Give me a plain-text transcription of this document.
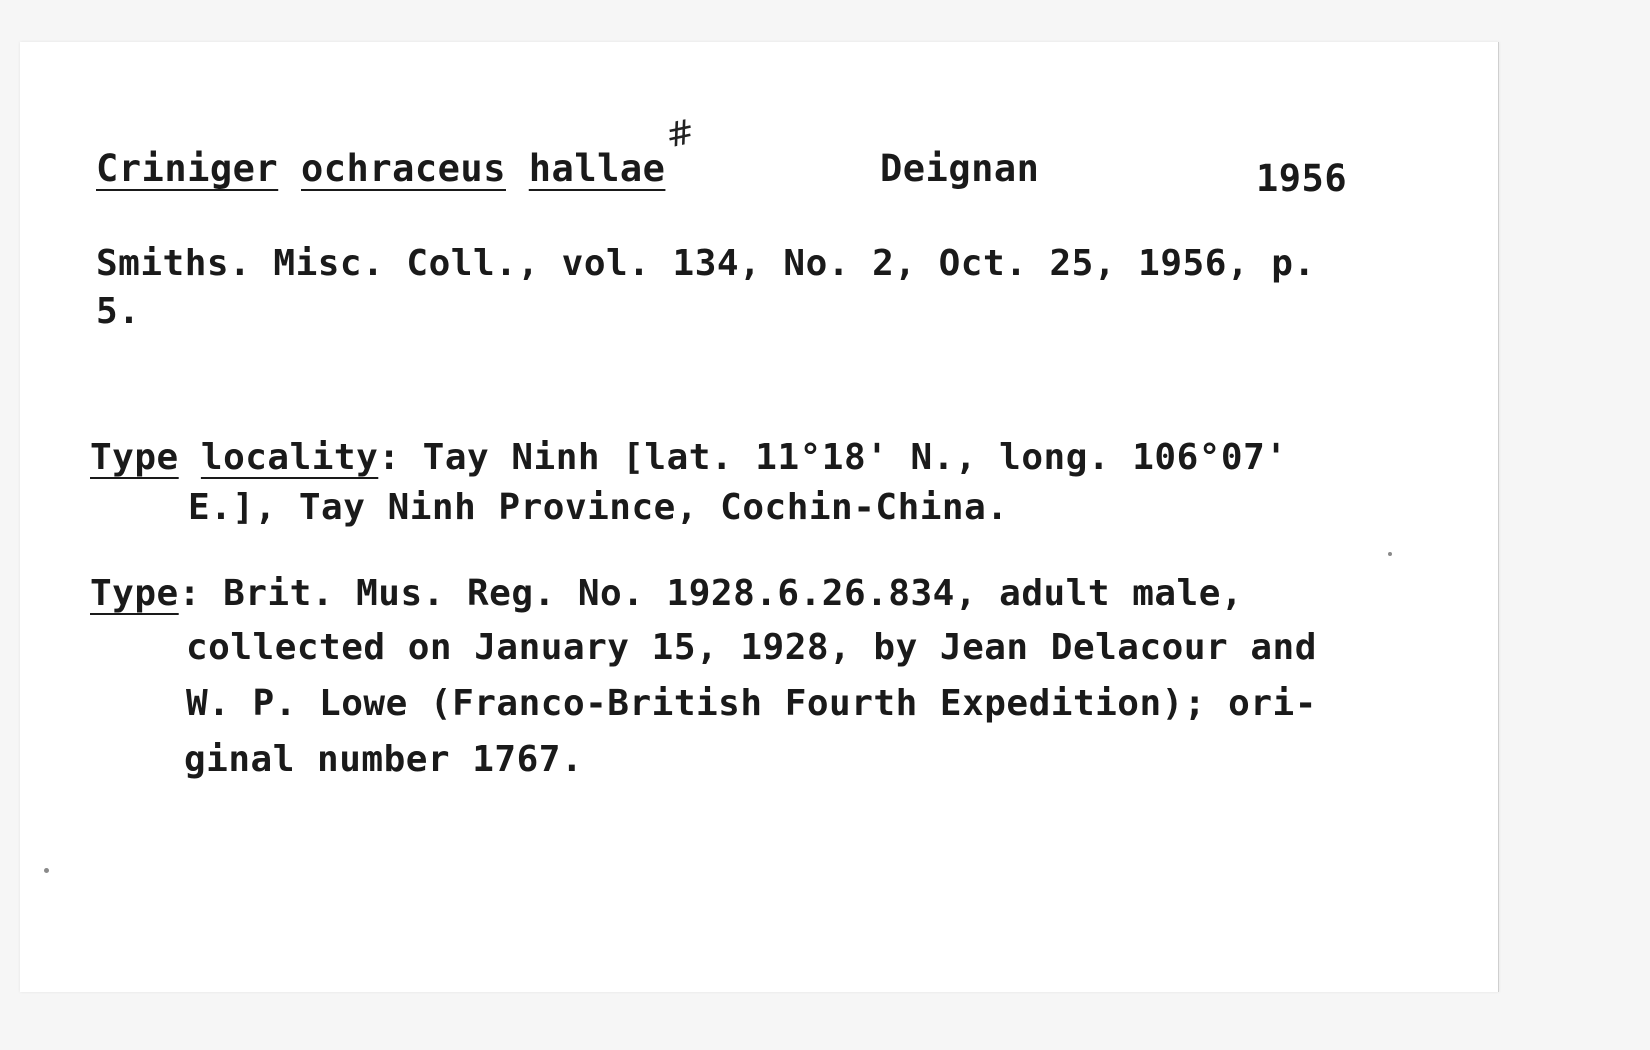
Criniger ochraceus hallae
#
Deignan	1956
Smiths. Misc. Coll., vol. 134, No. 2, Oct. 25, 1956, p.
5.
Type locality: Tay Ninh [lat. 11°18' N., long. 106°07'
E.], Tay Ninh Province, Cochin-China.
Type: Brit. Mus. Reg. No. 1928.6.26.834, adult male,
collected on January 15, 1928, by Jean Delacour and
W. P. Lowe (Franco-British Fourth Expedition); ori-
ginal number 1767.
